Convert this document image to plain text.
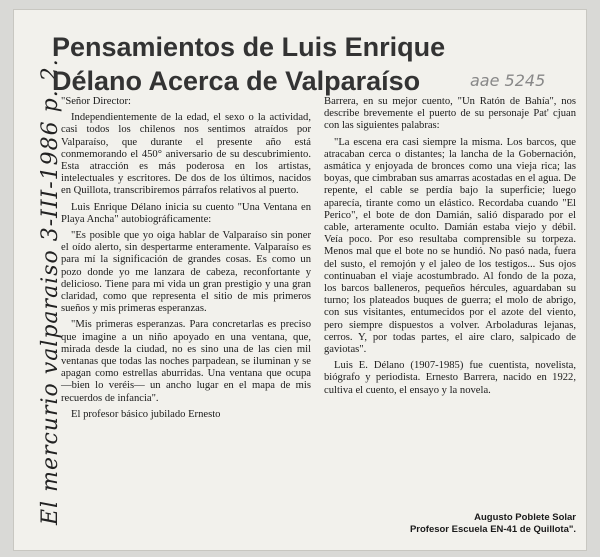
El mercurio valparaiso 3-III-1986 p. 2.
Pensamientos de Luis Enrique
Délano Acerca de Valparaíso	aae 5245

"Señor Director:

Independientemente de la edad, el sexo o la actividad, casi todos los chilenos nos sentimos atraídos por Valparaíso, que durante el presente año está conmemorando el 450° aniversario de su descubrimiento. Esta atracción es más poderosa en los artistas, intelectuales y escritores. De dos de los últimos, nacidos en Quillota, transcribiremos párrafos relativos al puerto.

Luis Enrique Délano inicia su cuento "Una Ventana en Playa Ancha" autobiográficamente:

"Es posible que yo oiga hablar de Valparaíso sin poner el oído alerto, sin despertarme enteramente. Valparaíso es para mí la significación de grandes cosas. Es como un pozo donde yo me lanzara de cabeza, reconfortante y delicioso. Tiene para mi vida un gran prestigio y una gran claridad, como que representa el sitio de mis primeros sueños y mis primeras esperanzas.

"Mis primeras esperanzas. Para concretarlas es preciso que imagine a un niño apoyado en una ventana, que, mirada desde la ciudad, no es sino una de las cien mil ventanas que todas las noches parpadean, se iluminan y se apagan como estrellas aburridas. Una ventana que ocupa —bien lo veréis— un ancho lugar en el mapa de mis recuerdos de infancia".

El profesor básico jubilado Ernesto

Barrera, en su mejor cuento, "Un Ratón de Bahía", nos describe brevemente el puerto de su personaje Pat' cjuan con las siguientes palabras:

"La escena era casi siempre la misma. Los barcos, que atracaban cerca o distantes; la lancha de la Gobernación, asmática y enjoyada de bronces como una vieja rica; las boyas, que cimbraban sus amarras acostadas en el agua. De repente, el cable se perdía bajo la superficie; luego aparecía, tirante como un elástico. Recordaba cuando "El Perico", el bote de don Damián, salió disparado por el cable, arteramente oculto. Damián estaba viejo y débil. Veía poco. Por eso resultaba comprensible su torpeza. Menos mal que el bote no se hundió. No pasó nada, fuera del susto, el remojón y el jaleo de los testigos... Sus ojos continuaban el viaje acostumbrado. Al fondo de la poza, los barcos balleneros, pequeños hércules, aguardaban su turno; los plateados buques de guerra; el molo de abrigo, con sus visitantes, entumecidos por el azote del viento, pero siempre dispuestos a volver. Arboladuras lejanas, cerros. Y, por todas partes, el aire claro, salpicado de gaviotas".

Luis E. Délano (1907-1985) fue cuentista, novelista, biógrafo y periodista. Ernesto Barrera, nacido en 1922, cultiva el cuento, el ensayo y la novela.

Augusto Poblete Solar
Profesor Escuela EN-41 de Quillota".
